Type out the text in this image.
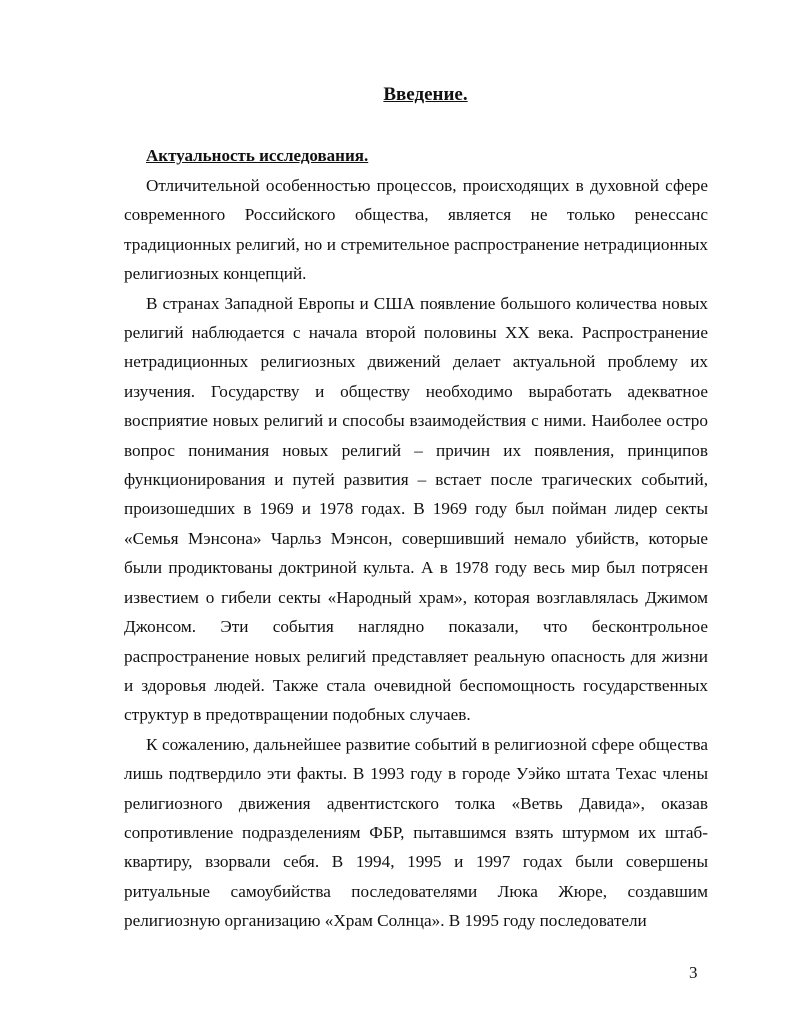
Введение.
Актуальность исследования.

Отличительной особенностью процессов, происходящих в духовной сфере современного Российского общества, является не только ренессанс традиционных религий, но и стремительное распространение нетрадиционных религиозных концепций.

В странах Западной Европы и США появление большого количества новых религий наблюдается с начала второй половины XX века. Распространение нетрадиционных религиозных движений делает актуальной проблему их изучения. Государству и обществу необходимо выработать адекватное восприятие новых религий и способы взаимодействия с ними. Наиболее остро вопрос понимания новых религий – причин их появления, принципов функционирования и путей развития – встает после трагических событий, произошедших в 1969 и 1978 годах. В 1969 году был пойман лидер секты «Семья Мэнсона» Чарльз Мэнсон, совершивший немало убийств, которые были продиктованы доктриной культа. А в 1978 году весь мир был потрясен известием о гибели секты «Народный храм», которая возглавлялась Джимом Джонсом. Эти события наглядно показали, что бесконтрольное распространение новых религий представляет реальную опасность для жизни и здоровья людей. Также стала очевидной беспомощность государственных структур в предотвращении подобных случаев.

К сожалению, дальнейшее развитие событий в религиозной сфере общества лишь подтвердило эти факты. В 1993 году в городе Уэйко штата Техас члены религиозного движения адвентистского толка «Ветвь Давида», оказав сопротивление подразделениям ФБР, пытавшимся взять штурмом их штаб-квартиру, взорвали себя. В 1994, 1995 и 1997 годах были совершены ритуальные самоубийства последователями Люка Жюре, создавшим религиозную организацию «Храм Солнца». В 1995 году последователи

3
